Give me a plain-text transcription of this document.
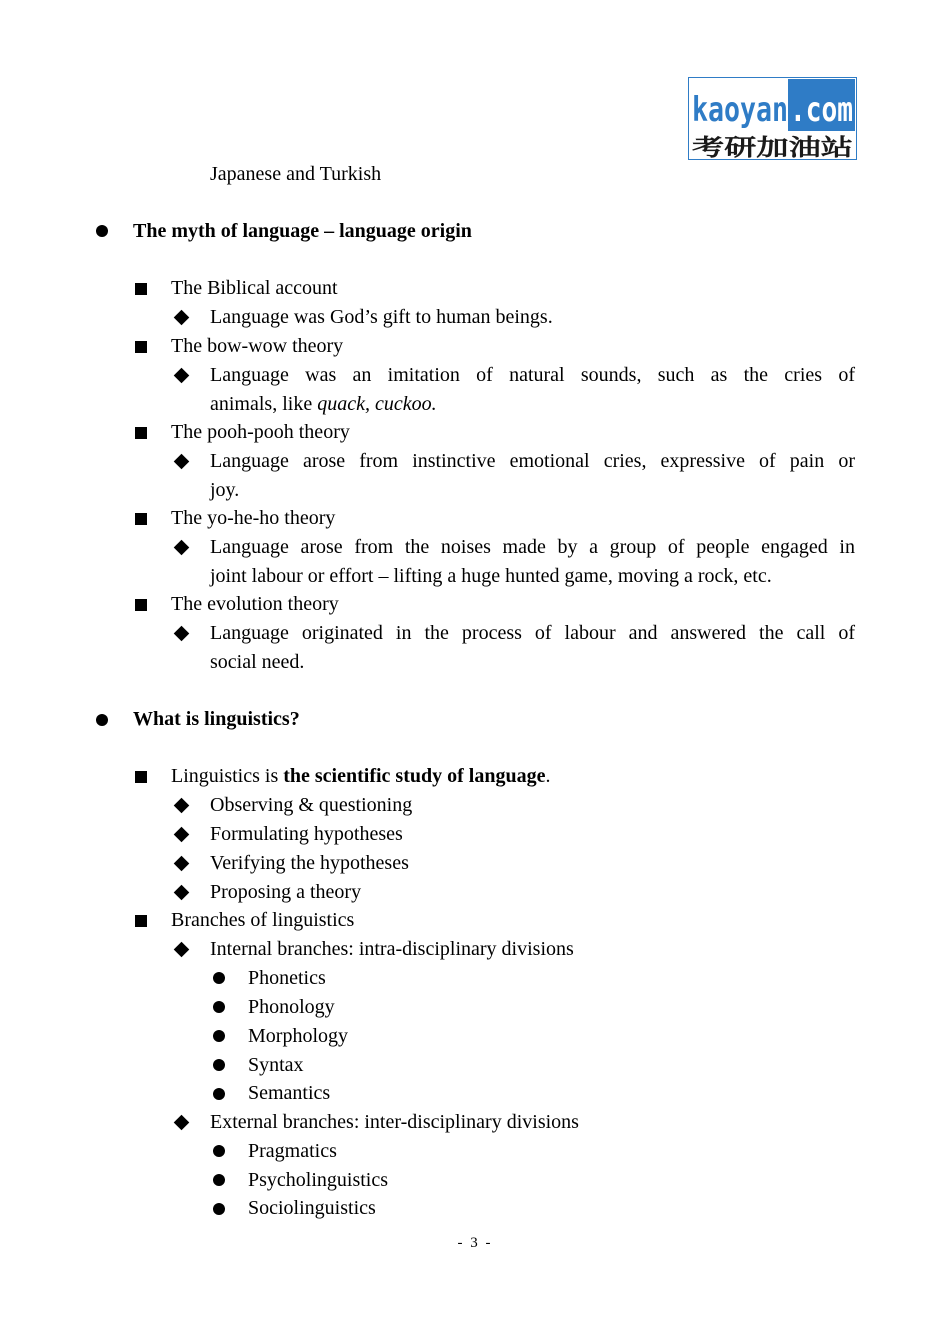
kaoyan .com
考研加油站
Japanese and Turkish
The myth of language – language origin
The Biblical account
Language was God’s gift to human beings.
The bow-wow theory
Language was an imitation of natural sounds, such as the cries of
animals, like quack, cuckoo.
The pooh-pooh theory
Language arose from instinctive emotional cries, expressive of pain or
joy.
The yo-he-ho theory
Language arose from the noises made by a group of people engaged in
joint labour or effort – lifting a huge hunted game, moving a rock, etc.
The evolution theory
Language originated in the process of labour and answered the call of
social need.
What is linguistics?
Linguistics is the scientific study of language.
Observing & questioning
Formulating hypotheses
Verifying the hypotheses
Proposing a theory
Branches of linguistics
Internal branches: intra-disciplinary divisions
Phonetics
Phonology
Morphology
Syntax
Semantics
External branches: inter-disciplinary divisions
Pragmatics
Psycholinguistics
Sociolinguistics
- 3 -
